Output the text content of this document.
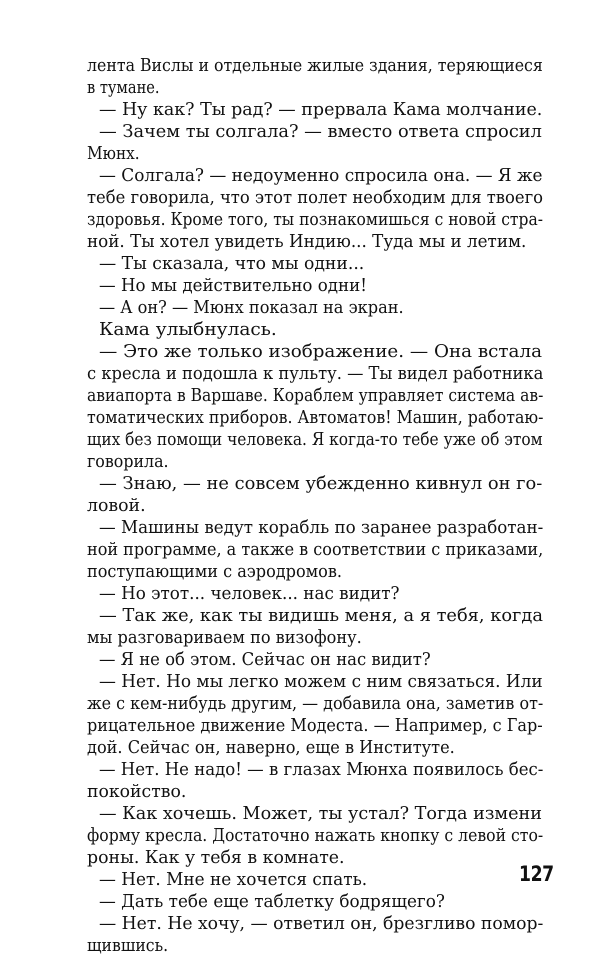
лента Вислы и отдельные жилые здания, теряющиеся
в тумане.
— Ну как? Ты рад? — прервала Кама молчание.
— Зачем ты солгала? — вместо ответа спросил
Мюнх.
— Солгала? — недоуменно спросила она. — Я же
тебе говорила, что этот полет необходим для твоего
здоровья. Кроме того, ты познакомишься с новой стра-
ной. Ты хотел увидеть Индию... Туда мы и летим.
— Ты сказала, что мы одни...
— Но мы действительно одни!
— А он? — Мюнх показал на экран.
Кама улыбнулась.
— Это же только изображение. — Она встала
с кресла и подошла к пульту. — Ты видел работника
авиапорта в Варшаве. Кораблем управляет система ав-
томатических приборов. Автоматов! Машин, работаю-
щих без помощи человека. Я когда-то тебе уже об этом
говорила.
— Знаю, — не совсем убежденно кивнул он го-
ловой.
— Машины ведут корабль по заранее разработан-
ной программе, а также в соответствии с приказами,
поступающими с аэродромов.
— Но этот... человек... нас видит?
— Так же, как ты видишь меня, а я тебя, когда
мы разговариваем по визофону.
— Я не об этом. Сейчас он нас видит?
— Нет. Но мы легко можем с ним связаться. Или
же с кем-нибудь другим, — добавила она, заметив от-
рицательное движение Модеста. — Например, с Гар-
дой. Сейчас он, наверно, еще в Институте.
— Нет. Не надо! — в глазах Мюнха появилось бес-
покойство.
— Как хочешь. Может, ты устал? Тогда измени
форму кресла. Достаточно нажать кнопку с левой сто-
роны. Как у тебя в комнате.
— Нет. Мне не хочется спать.
— Дать тебе еще таблетку бодрящего?
— Нет. Не хочу, — ответил он, брезгливо помор-
щившись.
127
